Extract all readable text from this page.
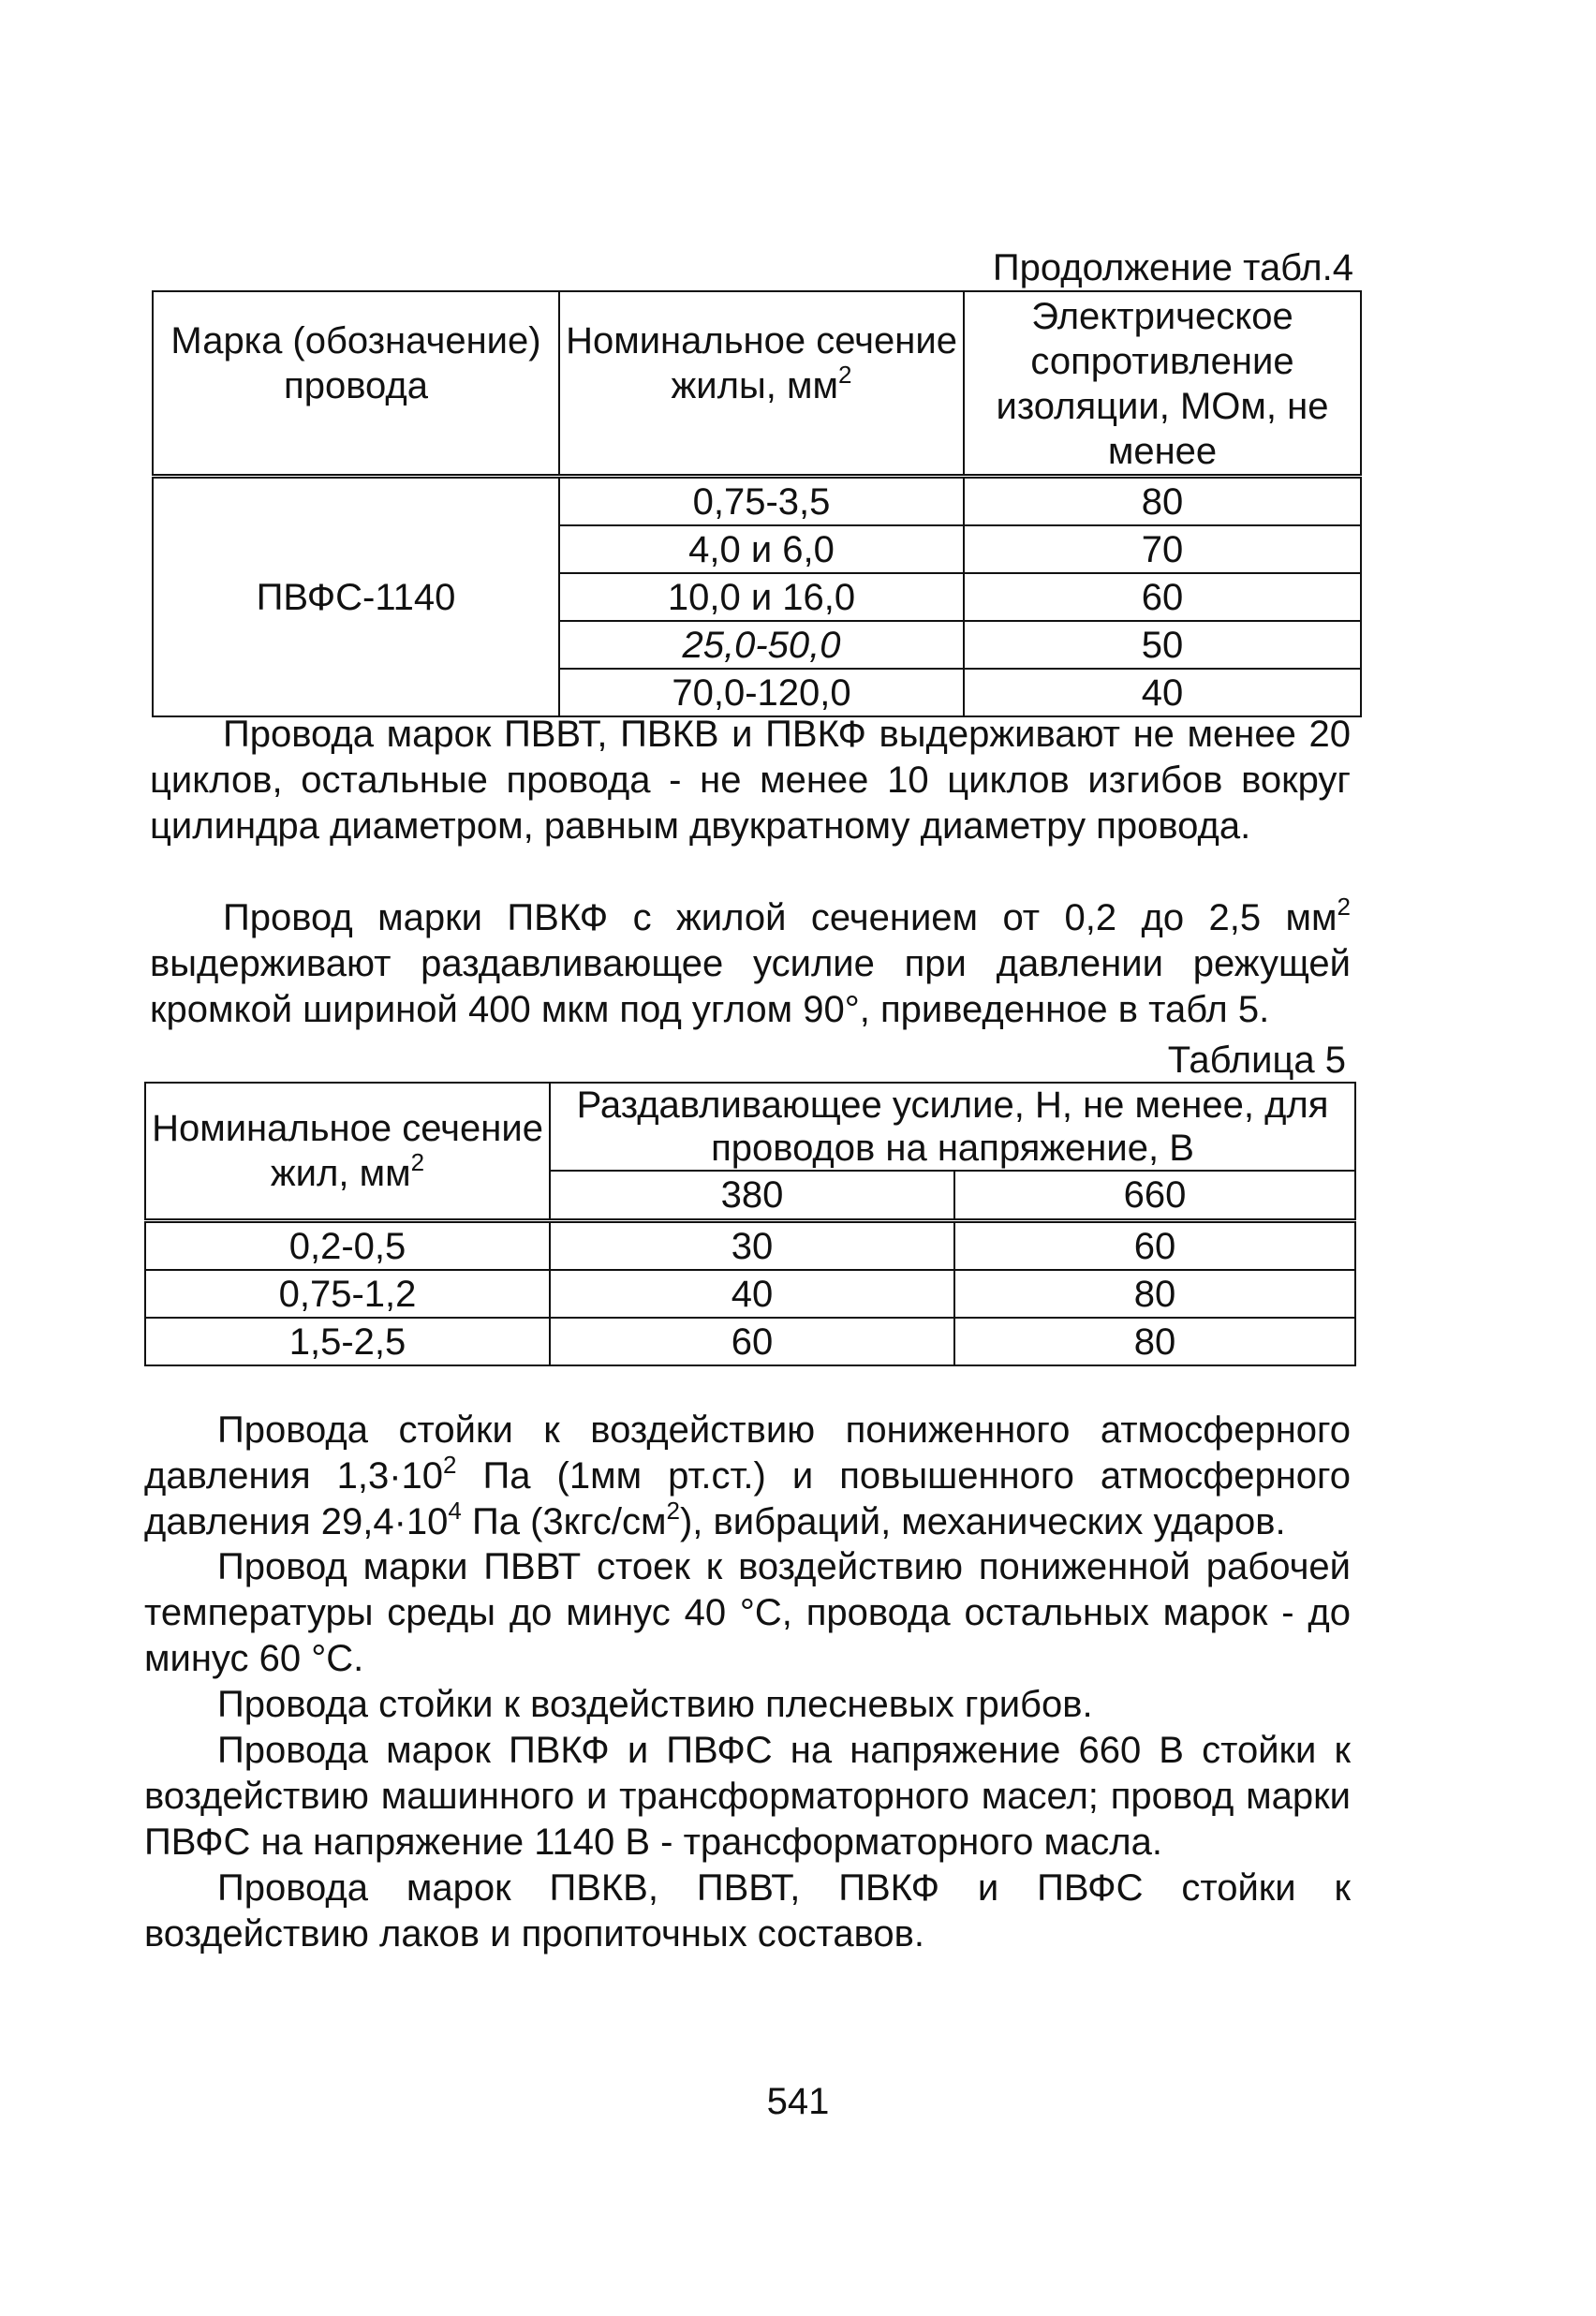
Продолжение табл.4
Марка (обозначение) провода	Номинальное сечение жилы, $мм^2$	Электрическое сопротивление изоляции, МОм, не менее
ПВФС-1140	0,75-3,5	80
	4,0 и 6,0	70
	10,0 и 16,0	60
	25,0-50,0	50
	70,0-120,0	40

Провода марок ПВВТ, ПВКВ и ПВКФ выдерживают не менее 20 циклов, остальные провода - не менее 10 циклов изгибов вокруг цилиндра диаметром, равным двукратному диаметру провода.

Провод марки ПВКФ с жилой сечением от 0,2 до 2,5 $мм^2$ выдерживают раздавливающее усилие при давлении режущей кромкой шириной 400 мкм под углом 90°, приведенное в табл 5.

Таблица 5
Номинальное сечение жил, $мм^2$	Раздавливающее усилие, Н, не менее, для проводов на напряжение, В	
	380	660
0,2-0,5	30	60
0,75-1,2	40	80
1,5-2,5	60	80

Провода стойки к воздействию пониженного атмосферного давления $1,3\cdot 10^2$ Па (1мм рт.ст.) и повышенного атмосферного давления $29,4\cdot 10^4$ Па $(3кгс/см^2)$, вибраций, механических ударов.

Провод марки ПВВТ стоек к воздействию пониженной рабочей температуры среды до минус 40 °С, провода остальных марок - до минус 60 °С.

Провода стойки к воздействию плесневых грибов.

Провода марок ПВКФ и ПВФС на напряжение 660 В стойки к воздействию машинного и трансформаторного масел; провод марки ПВФС на напряжение 1140 В - трансформаторного масла.

Провода марок ПВКВ, ПВВТ, ПВКФ и ПВФС стойки к воздействию лаков и пропиточных составов.

541
